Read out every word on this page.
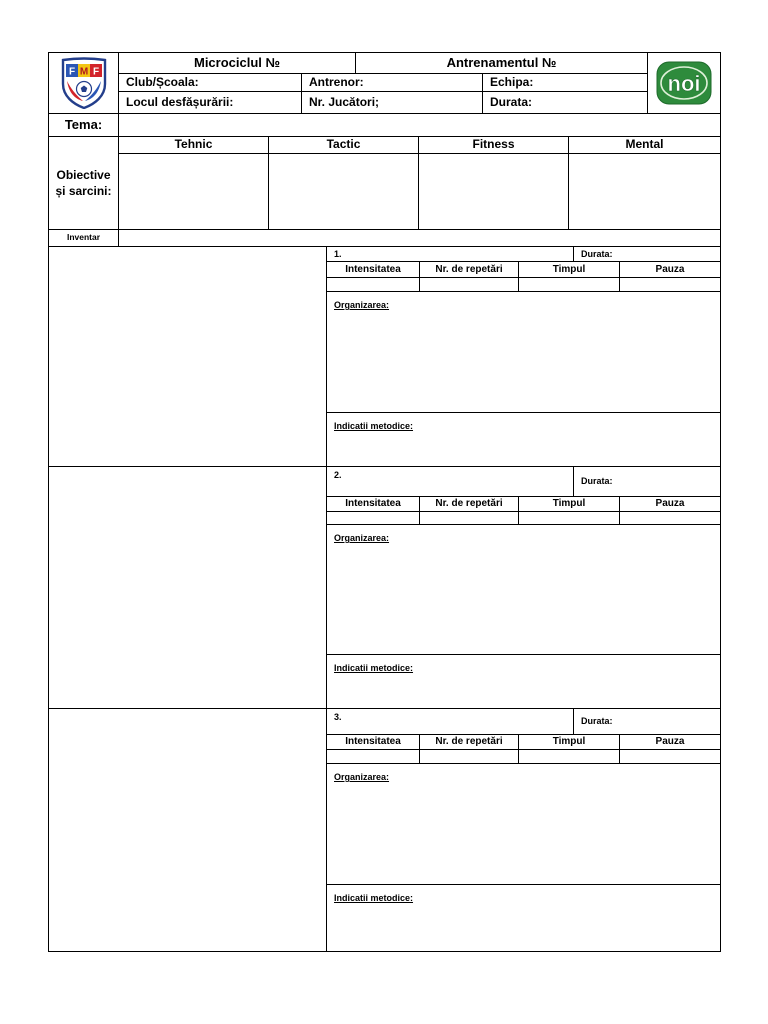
F M F
Microciclul №	Antrenamentul №
noi
Club/Școala:	Antrenor:	Echipa:
Locul desfășurării:	Nr. Jucători;	Durata:
Tema:
Obiective
și sarcini:
Tehnic	Tactic	Fitness	Mental
Inventar
1.	Durata:
Intensitatea	Nr. de repetări	Timpul	Pauza
Organizarea:
Indicatii metodice:
2.
Durata:
Intensitatea	Nr. de repetări	Timpul	Pauza
Organizarea:
Indicatii metodice:
3.	Durata:
Intensitatea	Nr. de repetări	Timpul	Pauza
Organizarea:
Indicatii metodice:
